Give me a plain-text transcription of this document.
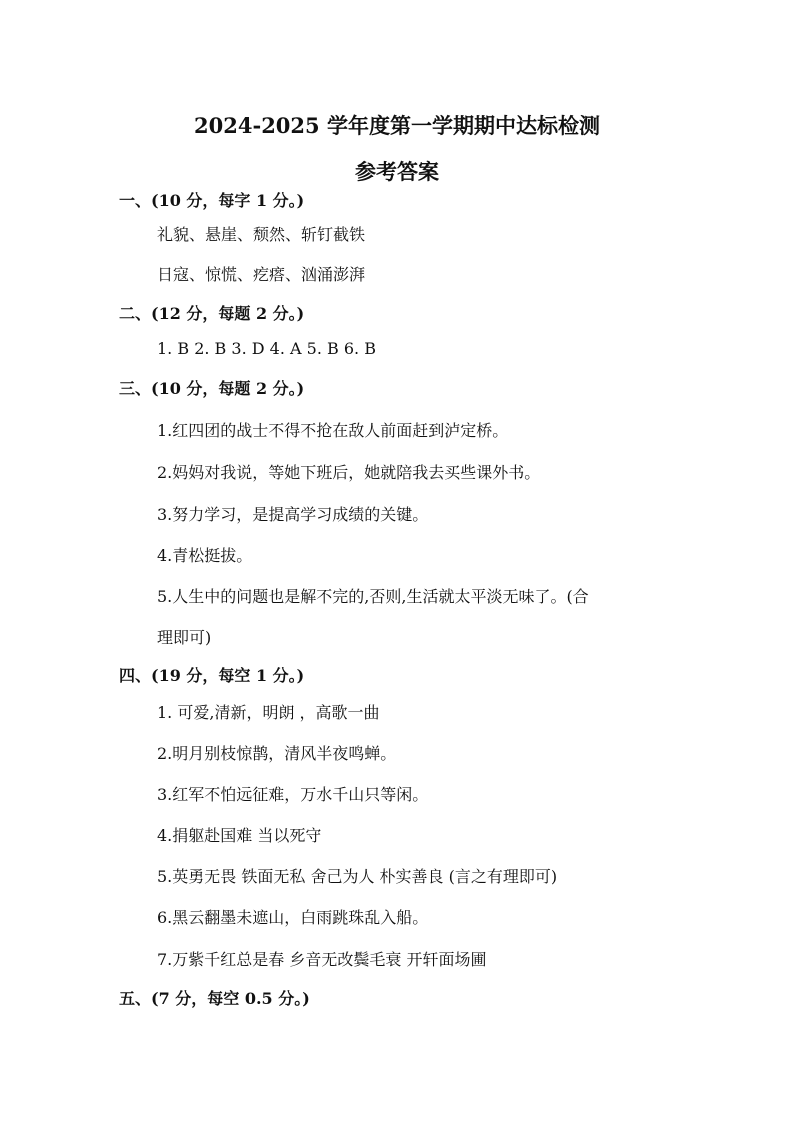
2024-2025 学年度第一学期期中达标检测
参考答案
一、(10 分，每字 1 分。)
礼貌、悬崖、颓然、斩钉截铁
日寇、惊慌、疙瘩、汹涌澎湃
二、(12 分，每题 2 分。)
1. B 2. B 3. D 4. A 5. B 6. B
三、(10 分，每题 2 分。)
1.红四团的战士不得不抢在敌人前面赶到泸定桥。
2.妈妈对我说，等她下班后，她就陪我去买些课外书。
3.努力学习，是提高学习成绩的关键。
4.青松挺拔。
5.人生中的问题也是解不完的,否则,生活就太平淡无味了。(合
理即可)
四、(19 分，每空 1 分。)
1. 可爱,清新，明朗 ，高歌一曲
2.明月别枝惊鹊，清风半夜鸣蝉。
3.红军不怕远征难，万水千山只等闲。
4.捐躯赴国难 当以死守
5.英勇无畏 铁面无私 舍己为人 朴实善良 (言之有理即可)
6.黑云翻墨未遮山，白雨跳珠乱入船。
7.万紫千红总是春 乡音无改鬓毛衰 开轩面场圃
五、(7 分，每空 0.5 分。)
